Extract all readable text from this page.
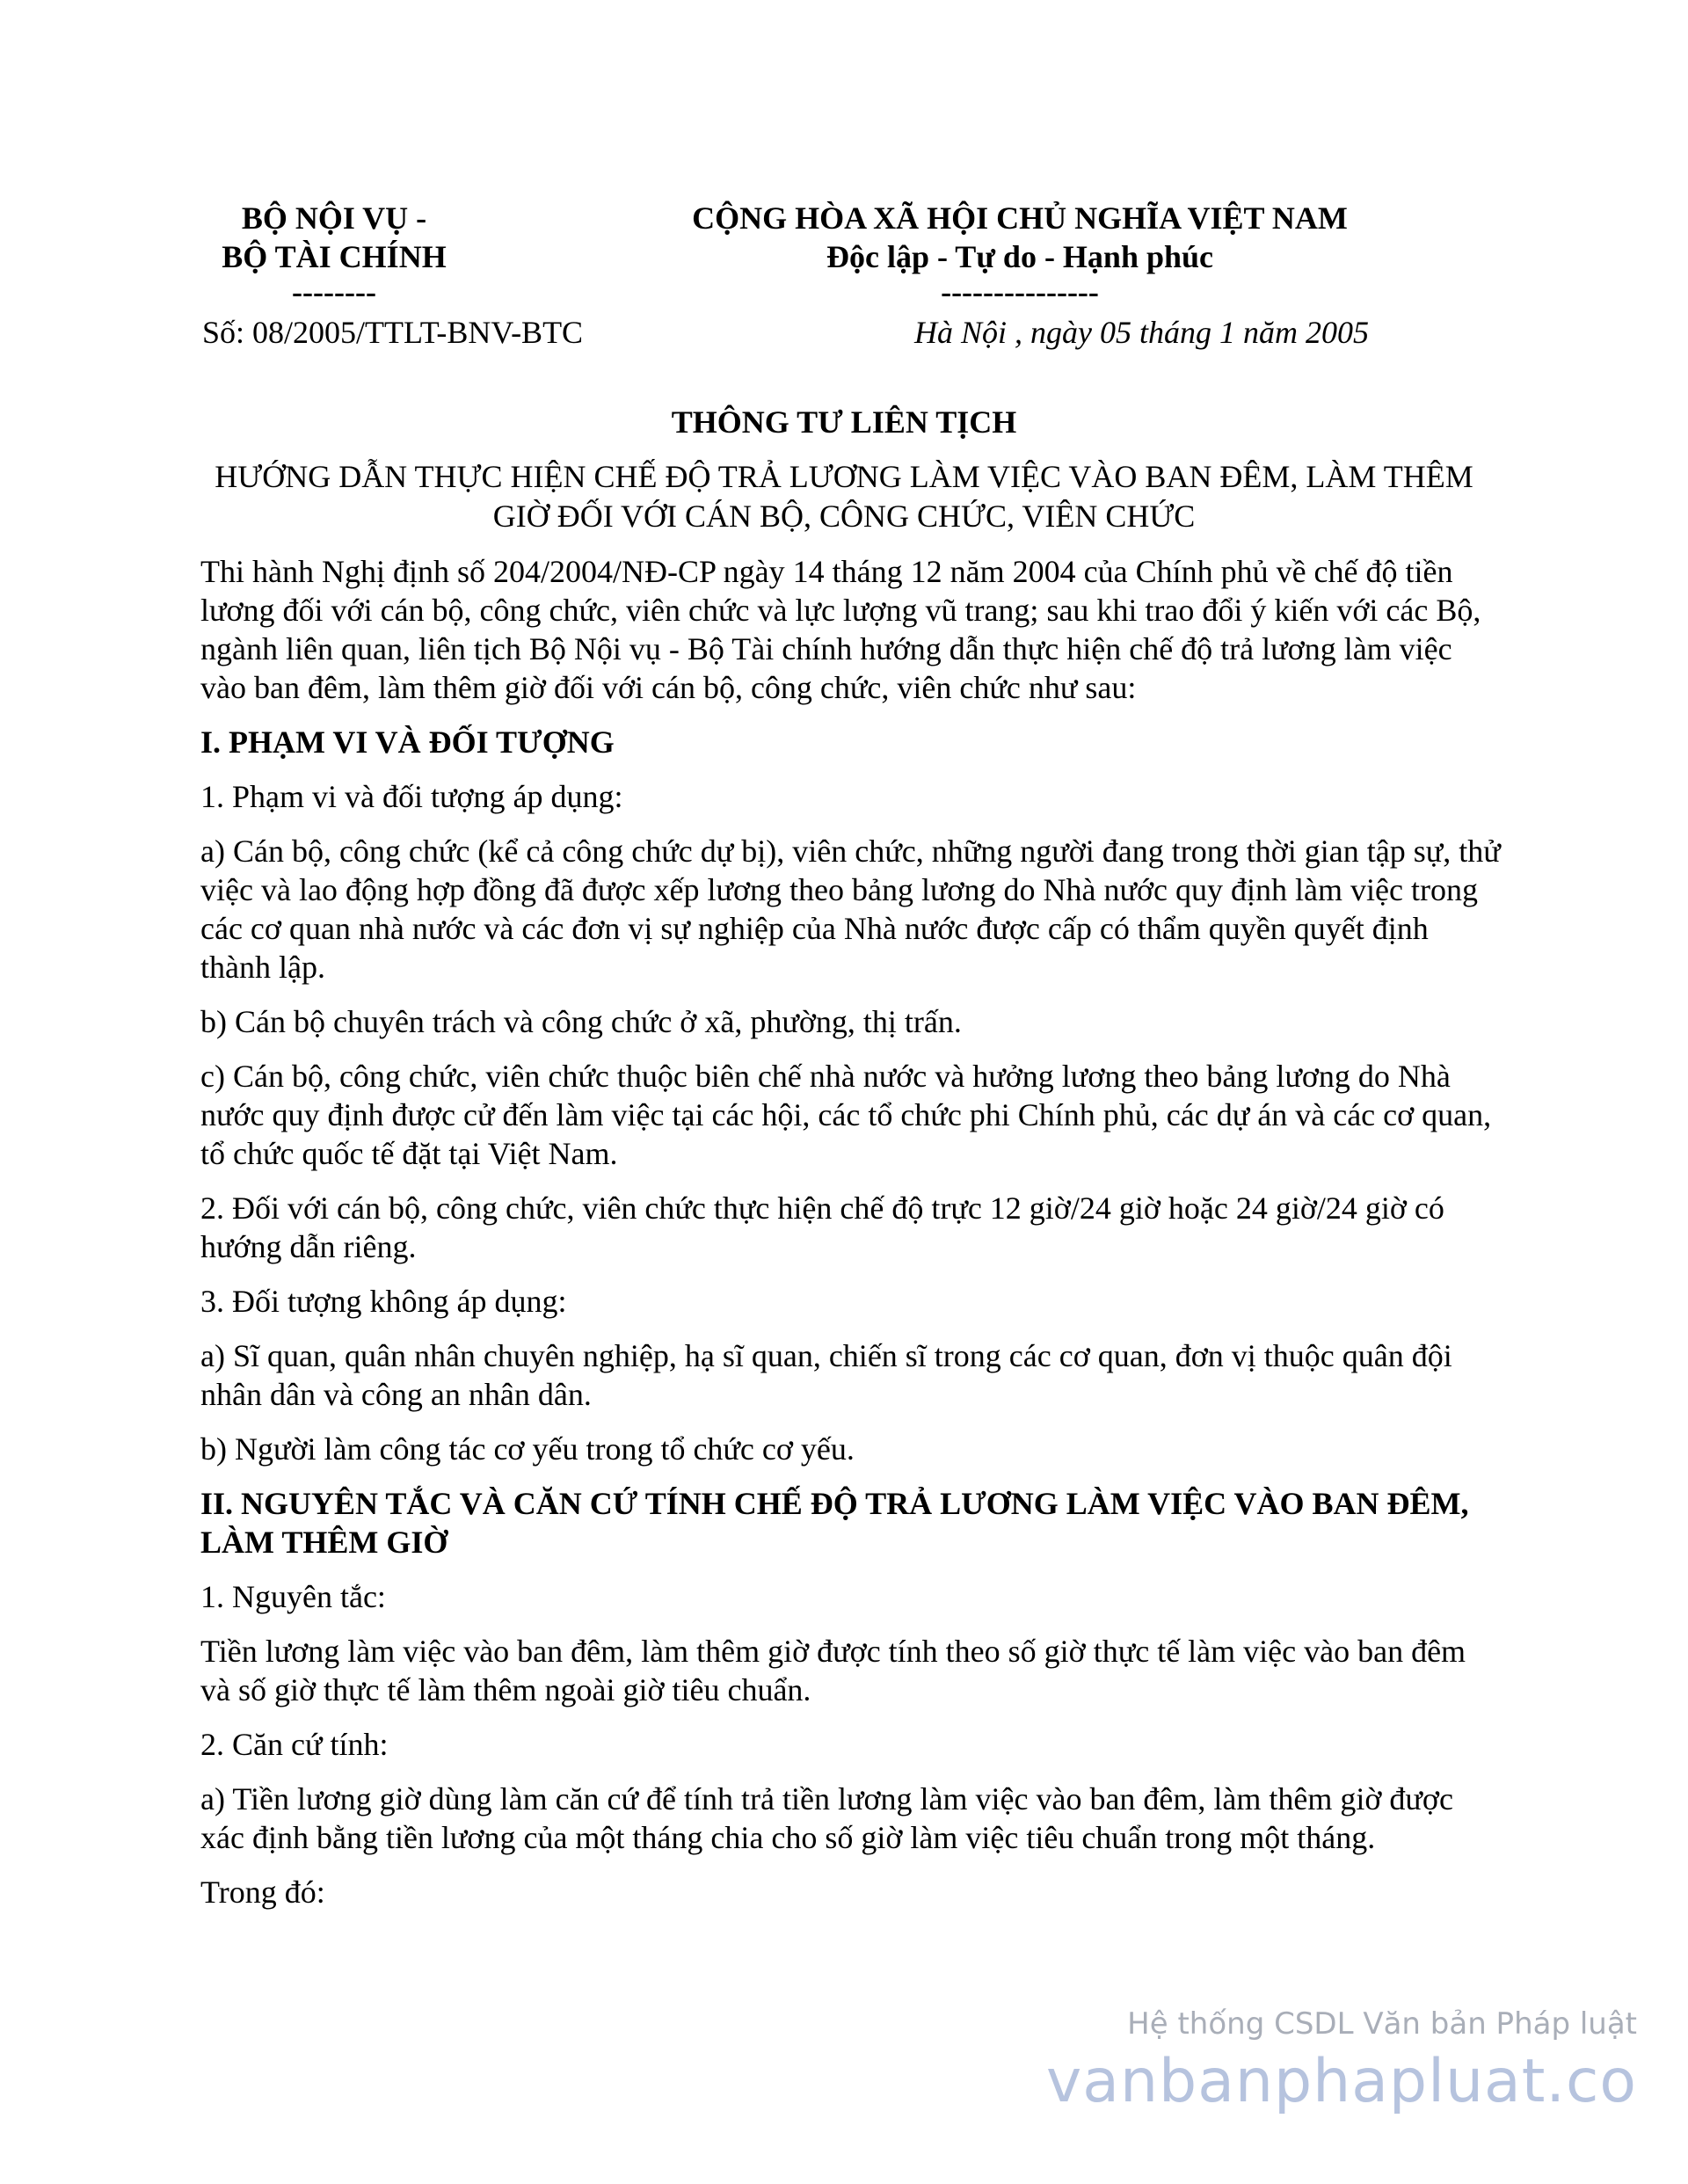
BỘ NỘI VỤ -
BỘ TÀI CHÍNH
--------
CỘNG HÒA XÃ HỘI CHỦ NGHĨA VIỆT NAM
Độc lập - Tự do - Hạnh phúc
---------------
Số: 08/2005/TTLT-BNV-BTC	Hà Nội , ngày 05 tháng 1 năm 2005
THÔNG TƯ LIÊN TỊCH
HƯỚNG DẪN THỰC HIỆN CHẾ ĐỘ TRẢ LƯƠNG LÀM VIỆC VÀO BAN ĐÊM, LÀM THÊM GIỜ ĐỐI VỚI CÁN BỘ, CÔNG CHỨC, VIÊN CHỨC

Thi hành Nghị định số 204/2004/NĐ-CP ngày 14 tháng 12 năm 2004 của Chính phủ về chế độ tiền lương đối với cán bộ, công chức, viên chức và lực lượng vũ trang; sau khi trao đổi ý kiến với các Bộ, ngành liên quan, liên tịch Bộ Nội vụ - Bộ Tài chính hướng dẫn thực hiện chế độ trả lương làm việc vào ban đêm, làm thêm giờ đối với cán bộ, công chức, viên chức như sau:

I. PHẠM VI VÀ ĐỐI TƯỢNG

1. Phạm vi và đối tượng áp dụng:

a) Cán bộ, công chức (kể cả công chức dự bị), viên chức, những người đang trong thời gian tập sự, thử việc và lao động hợp đồng đã được xếp lương theo bảng lương do Nhà nước quy định làm việc trong các cơ quan nhà nước và các đơn vị sự nghiệp của Nhà nước được cấp có thẩm quyền quyết định thành lập.

b) Cán bộ chuyên trách và công chức ở xã, phường, thị trấn.

c) Cán bộ, công chức, viên chức thuộc biên chế nhà nước và hưởng lương theo bảng lương do Nhà nước quy định được cử đến làm việc tại các hội, các tổ chức phi Chính phủ, các dự án và các cơ quan, tổ chức quốc tế đặt tại Việt Nam.

2. Đối với cán bộ, công chức, viên chức thực hiện chế độ trực 12 giờ/24 giờ hoặc 24 giờ/24 giờ có hướng dẫn riêng.

3. Đối tượng không áp dụng:

a) Sĩ quan, quân nhân chuyên nghiệp, hạ sĩ quan, chiến sĩ trong các cơ quan, đơn vị thuộc quân đội nhân dân và công an nhân dân.

b) Người làm công tác cơ yếu trong tổ chức cơ yếu.

II. NGUYÊN TẮC VÀ CĂN CỨ TÍNH CHẾ ĐỘ TRẢ LƯƠNG LÀM VIỆC VÀO BAN ĐÊM, LÀM THÊM GIỜ

1. Nguyên tắc:

Tiền lương làm việc vào ban đêm, làm thêm giờ được tính theo số giờ thực tế làm việc vào ban đêm và số giờ thực tế làm thêm ngoài giờ tiêu chuẩn.

2. Căn cứ tính:

a) Tiền lương giờ dùng làm căn cứ để tính trả tiền lương làm việc vào ban đêm, làm thêm giờ được xác định bằng tiền lương của một tháng chia cho số giờ làm việc tiêu chuẩn trong một tháng.

Trong đó:

Hệ thống CSDL Văn bản Pháp luật
vanbanphapluat.co
